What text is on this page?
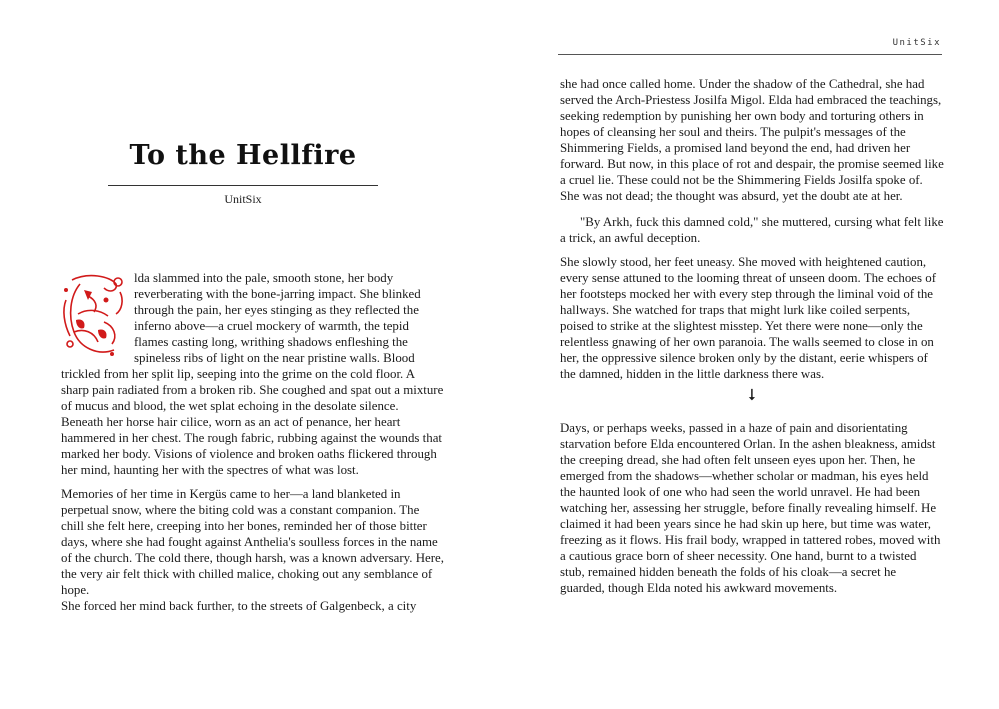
To the Hellfire
UnitSix

lda slammed into the pale, smooth stone, her body reverberating with the bone-jarring impact. She blinked through the pain, her eyes stinging as they reflected the inferno above—a cruel mockery of warmth, the tepid flames casting long, writhing shadows enfleshing the spineless ribs of light on the near pristine walls. Blood trickled from her split lip, seeping into the grime on the cold floor. A sharp pain radiated from a broken rib. She coughed and spat out a mixture of mucus and blood, the wet splat echoing in the desolate silence.

Beneath her horse hair cilice, worn as an act of penance, her heart hammered in her chest. The rough fabric, rubbing against the wounds that marked her body. Visions of violence and broken oaths flickered through her mind, haunting her with the spectres of what was lost.

Memories of her time in Kergüs came to her—a land blanketed in perpetual snow, where the biting cold was a constant companion. The chill she felt here, creeping into her bones, reminded her of those bitter days, where she had fought against Anthelia's soulless forces in the name of the church. The cold there, though harsh, was a known adversary. Here, the very air felt thick with chilled malice, choking out any semblance of hope.

She forced her mind back further, to the streets of Galgenbeck, a city

UnitSix

she had once called home. Under the shadow of the Cathedral, she had served the Arch-Priestess Josilfa Migol. Elda had embraced the teachings, seeking redemption by punishing her own body and torturing others in hopes of cleansing her soul and theirs. The pulpit's messages of the Shimmering Fields, a promised land beyond the end, had driven her forward. But now, in this place of rot and despair, the promise seemed like a cruel lie. These could not be the Shimmering Fields Josilfa spoke of. She was not dead; the thought was absurd, yet the doubt ate at her.

"By Arkh, fuck this damned cold," she muttered, cursing what felt like a trick, an awful deception.

She slowly stood, her feet uneasy. She moved with heightened caution, every sense attuned to the looming threat of unseen doom. The echoes of her footsteps mocked her with every step through the liminal void of the hallways. She watched for traps that might lurk like coiled serpents, poised to strike at the slightest misstep. Yet there were none—only the relentless gnawing of her own paranoia. The walls seemed to close in on her, the oppressive silence broken only by the distant, eerie whispers of the damned, hidden in the little darkness there was.

⭣

Days, or perhaps weeks, passed in a haze of pain and disorientating starvation before Elda encountered Orlan. In the ashen bleakness, amidst the creeping dread, she had often felt unseen eyes upon her. Then, he emerged from the shadows—whether scholar or madman, his eyes held the haunted look of one who had seen the world unravel. He had been watching her, assessing her struggle, before finally revealing himself. He claimed it had been years since he had skin up here, but time was water, freezing as it flows. His frail body, wrapped in tattered robes, moved with a cautious grace born of sheer necessity. One hand, burnt to a twisted stub, remained hidden beneath the folds of his cloak—a secret he guarded, though Elda noted his awkward movements.
